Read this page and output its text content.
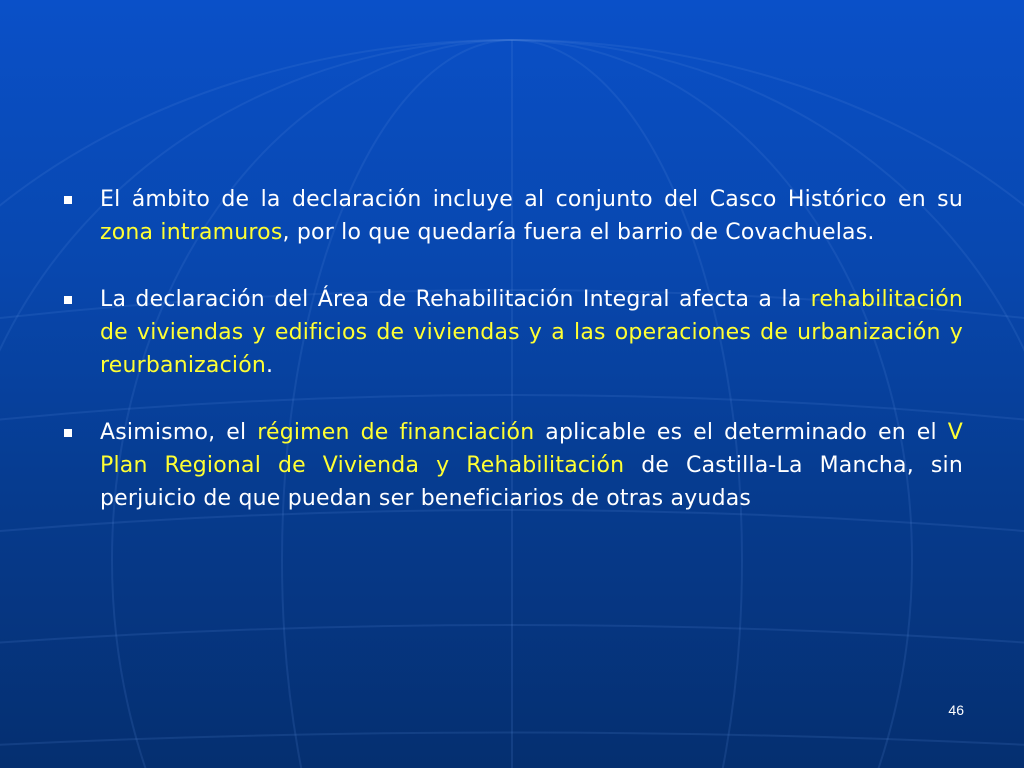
El ámbito de la declaración incluye al conjunto del Casco Histórico en su zona intramuros, por lo que quedaría fuera el barrio de Covachuelas.
La declaración del Área de Rehabilitación Integral afecta a la rehabilitación de viviendas y edificios de viviendas y a las operaciones de urbanización y reurbanización.
Asimismo, el régimen de financiación aplicable es el determinado en el V Plan Regional de Vivienda y Rehabilitación de Castilla-La Mancha, sin perjuicio de que puedan ser beneficiarios de otras ayudas
46
